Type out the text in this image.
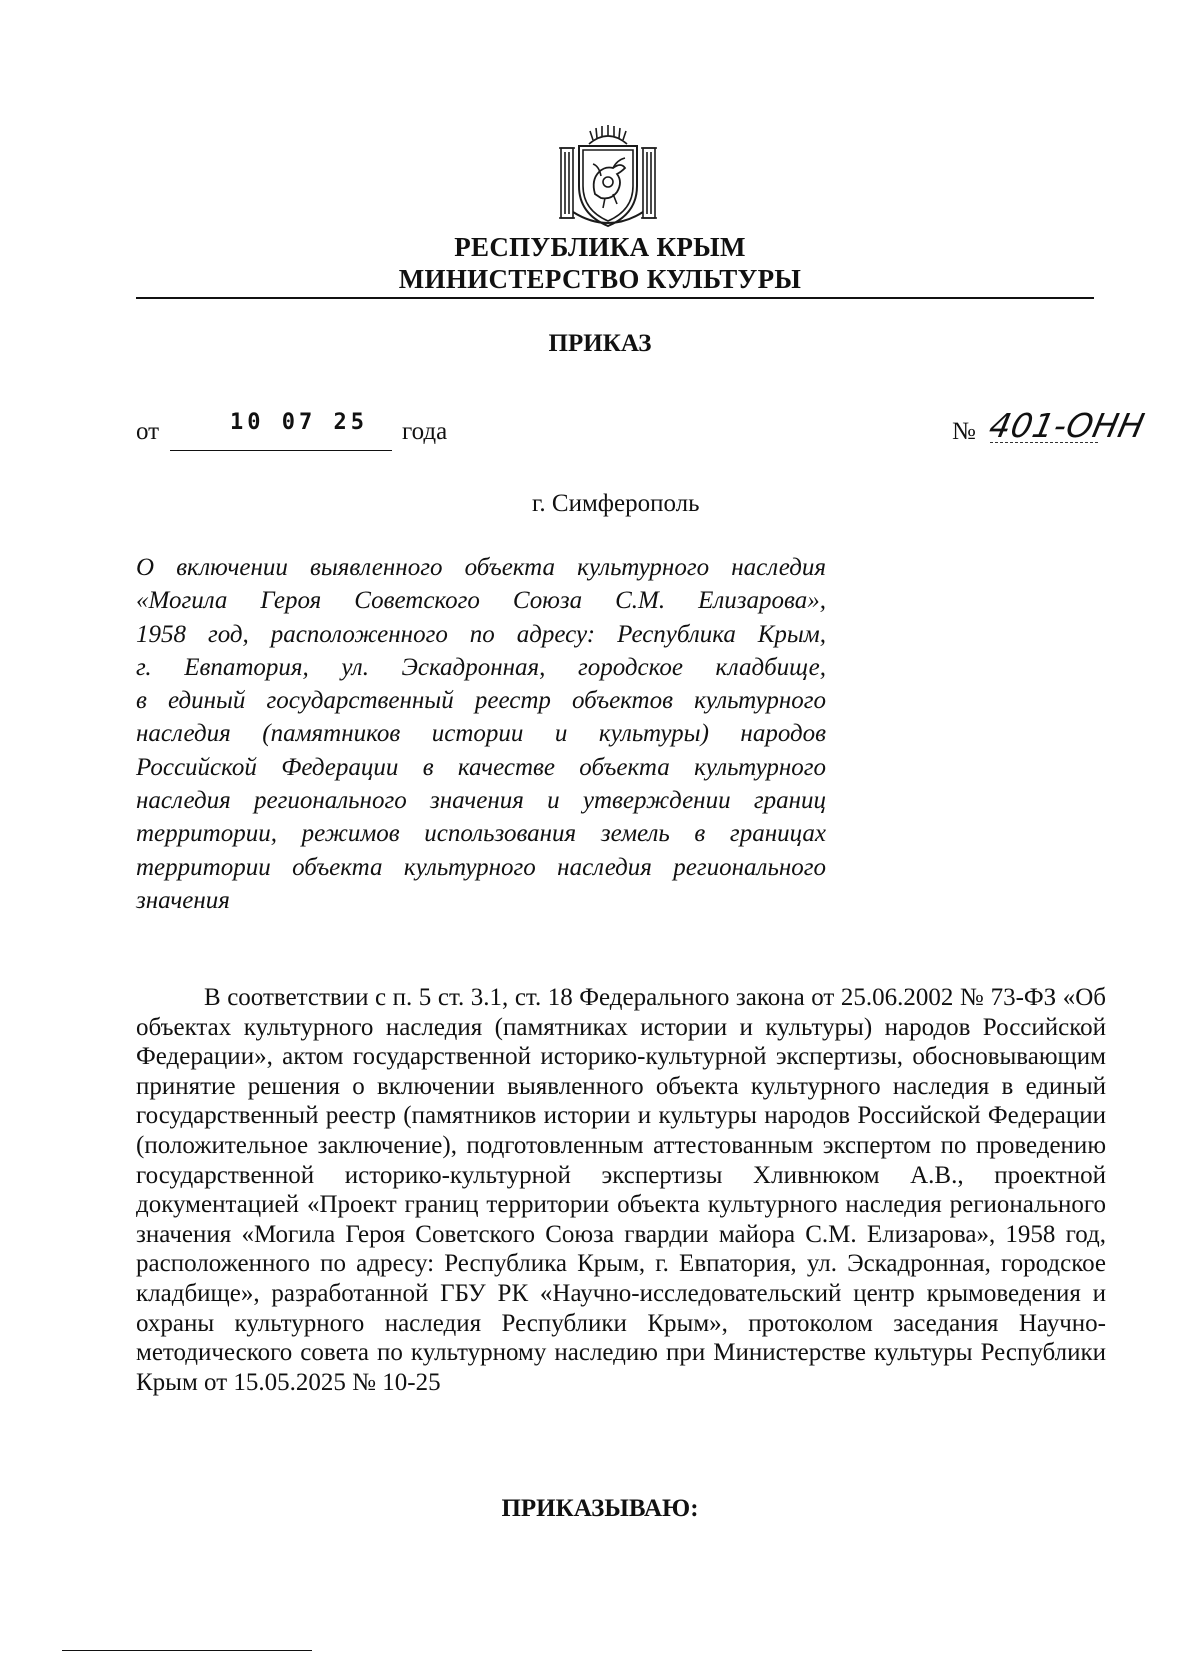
РЕСПУБЛИКА КРЫМ
МИНИСТЕРСТВО КУЛЬТУРЫ
ПРИКАЗ
от	10 07 25 года	№ 401-ОНН
г. Симферополь
О включении выявленного объекта культурного наследия
«Могила Героя Советского Союза С.М. Елизарова»,
1958 год, расположенного по адресу: Республика Крым,
г. Евпатория, ул. Эскадронная, городское кладбище,
в единый государственный реестр объектов культурного
наследия (памятников истории и культуры) народов
Российской Федерации в качестве объекта культурного
наследия регионального значения и утверждении границ
территории, режимов использования земель в границах
территории объекта культурного наследия регионального
значения
В соответствии с п. 5 ст. 3.1, ст. 18 Федерального закона от 25.06.2002 № 73-ФЗ «Об объектах культурного наследия (памятниках истории и культуры) народов Российской Федерации», актом государственной историко-культурной экспертизы, обосновывающим принятие решения о включении выявленного объекта культурного наследия в единый государственный реестр (памятников истории и культуры народов Российской Федерации (положительное заключение), подготовленным аттестованным экспертом по проведению государственной историко-культурной экспертизы Хливнюком А.В., проектной документацией «Проект границ территории объекта культурного наследия регионального значения «Могила Героя Советского Союза гвардии майора С.М. Елизарова», 1958 год, расположенного по адресу: Республика Крым, г. Евпатория, ул. Эскадронная, городское кладбище», разработанной ГБУ РК «Научно-исследовательский центр крымоведения и охраны культурного наследия Республики Крым», протоколом заседания Научно-методического совета по культурному наследию при Министерстве культуры Республики Крым от 15.05.2025 № 10-25
ПРИКАЗЫВАЮ:
